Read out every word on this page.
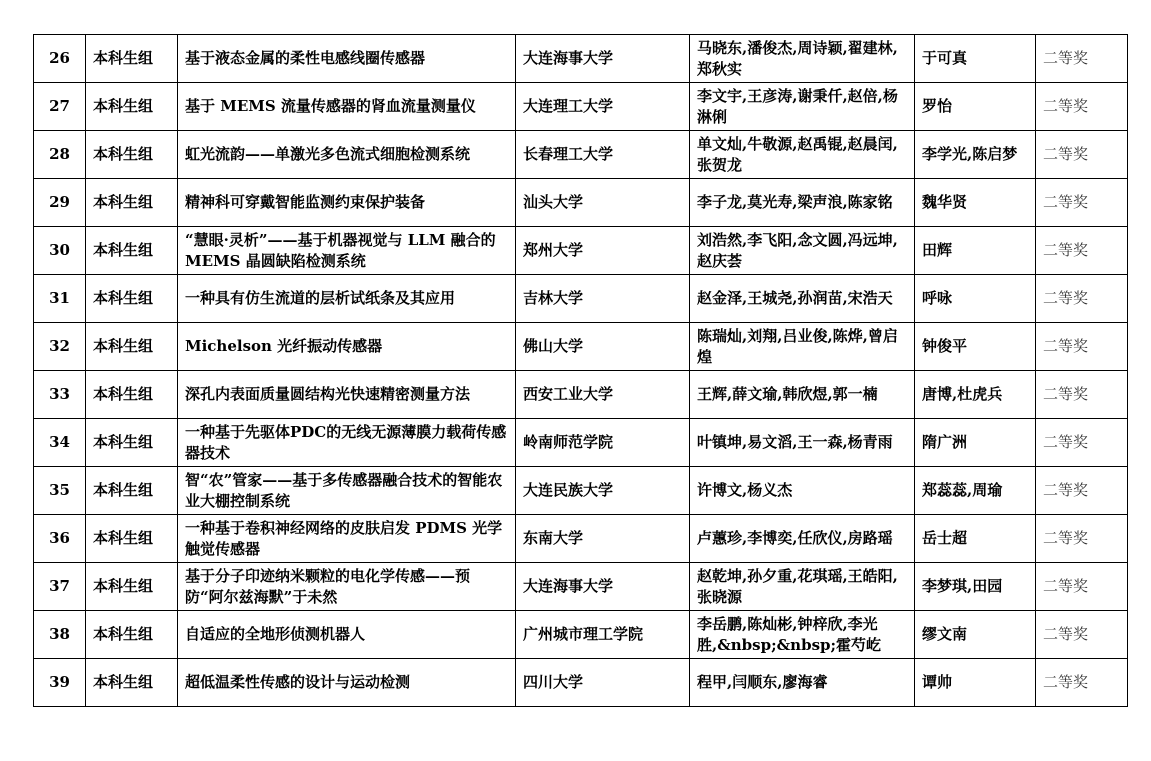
26	本科生组	基于液态金属的柔性电感线圈传感器	大连海事大学	马晓东,潘俊杰,周诗颖,翟建林,郑秋实	于可真	二等奖
27	本科生组	基于 MEMS 流量传感器的肾血流量测量仪	大连理工大学	李文宇,王彦涛,谢秉仟,赵倍,杨淋俐	罗怡	二等奖
28	本科生组	虹光流韵——单激光多色流式细胞检测系统	长春理工大学	单文灿,牛敬源,赵禹锟,赵晨闰,张贺龙	李学光,陈启梦	二等奖
29	本科生组	精神科可穿戴智能监测约束保护装备	汕头大学	李子龙,莫光寿,梁声浪,陈家铭	魏华贤	二等奖
30	本科生组	“慧眼·灵析”——基于机器视觉与 LLM 融合的 MEMS 晶圆缺陷检测系统	郑州大学	刘浩然,李飞阳,念文圆,冯远坤,赵庆荟	田辉	二等奖
31	本科生组	一种具有仿生流道的层析试纸条及其应用	吉林大学	赵金泽,王城尧,孙润苗,宋浩天	呼咏	二等奖
32	本科生组	Michelson 光纤振动传感器	佛山大学	陈瑞灿,刘翔,吕业俊,陈烨,曾启煌	钟俊平	二等奖
33	本科生组	深孔内表面质量圆结构光快速精密测量方法	西安工业大学	王辉,薛文瑜,韩欣煜,郭一楠	唐博,杜虎兵	二等奖
34	本科生组	一种基于先驱体PDC的无线无源薄膜力载荷传感器技术	岭南师范学院	叶镇坤,易文滔,王一森,杨青雨	隋广洲	二等奖
35	本科生组	智“农”管家——基于多传感器融合技术的智能农业大棚控制系统	大连民族大学	许博文,杨义杰	郑蕊蕊,周瑜	二等奖
36	本科生组	一种基于卷积神经网络的皮肤启发 PDMS 光学触觉传感器	东南大学	卢蕙珍,李博奕,任欣仪,房路瑶	岳士超	二等奖
37	本科生组	基于分子印迹纳米颗粒的电化学传感——预防“阿尔兹海默”于未然	大连海事大学	赵乾坤,孙夕重,花琪瑶,王皓阳,张晓源	李梦琪,田园	二等奖
38	本科生组	自适应的全地形侦测机器人	广州城市理工学院	李岳鹏,陈灿彬,钟梓欣,李光胜,&nbsp;&nbsp;霍芍屹	缪文南	二等奖
39	本科生组	超低温柔性传感的设计与运动检测	四川大学	程甲,闫顺东,廖海睿	谭帅	二等奖
